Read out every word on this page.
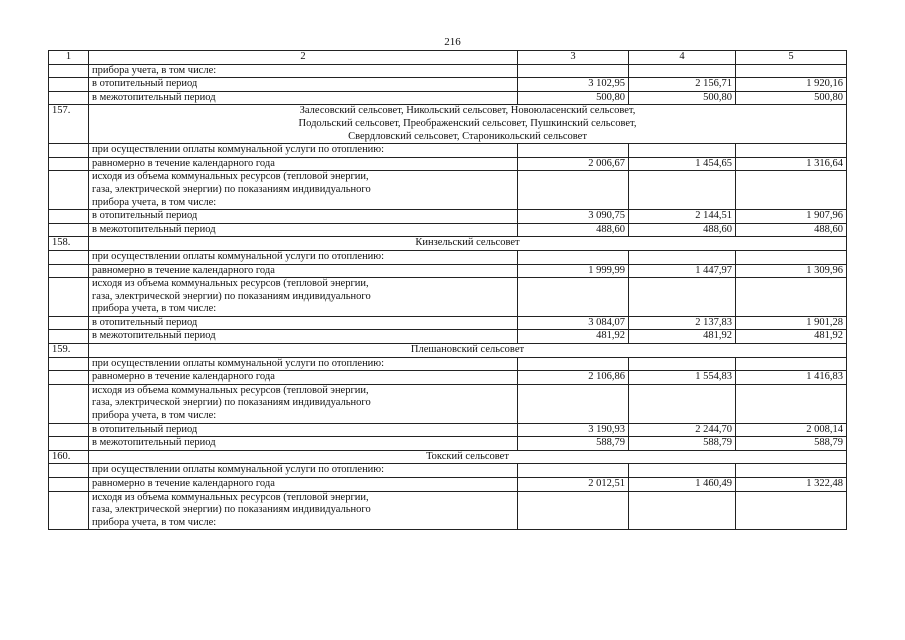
216
1	2	3	4	5

	прибора учета, в том числе:			

	в отопительный период	3 102,95	2 156,71	1 920,16

	в межотопительный период	500,80	500,80	500,80
157.	Залесовский сельсовет, Никольский сельсовет, Новоюласенский сельсовет,
Подольский сельсовет, Преображенский сельсовет, Пушкинский сельсовет,
Свердловский сельсовет, Староникольский сельсовет			

	при осуществлении оплаты коммунальной услуги по отоплению:			

	равномерно в течение календарного года	2 006,67	1 454,65	1 316,64

	исходя из объема коммунальных ресурсов (тепловой энергии,
газа, электрической энергии) по показаниям индивидуального
прибора учета, в том числе:			

	в отопительный период	3 090,75	2 144,51	1 907,96

	в межотопительный период	488,60	488,60	488,60
158.	Кинзельский сельсовет			

	при осуществлении оплаты коммунальной услуги по отоплению:			

	равномерно в течение календарного года	1 999,99	1 447,97	1 309,96

	исходя из объема коммунальных ресурсов (тепловой энергии,
газа, электрической энергии) по показаниям индивидуального
прибора учета, в том числе:			

	в отопительный период	3 084,07	2 137,83	1 901,28

	в межотопительный период	481,92	481,92	481,92
159.	Плешановский сельсовет			

	при осуществлении оплаты коммунальной услуги по отоплению:			

	равномерно в течение календарного года	2 106,86	1 554,83	1 416,83

	исходя из объема коммунальных ресурсов (тепловой энергии,
газа, электрической энергии) по показаниям индивидуального
прибора учета, в том числе:			

	в отопительный период	3 190,93	2 244,70	2 008,14

	в межотопительный период	588,79	588,79	588,79
160.	Токский сельсовет			

	при осуществлении оплаты коммунальной услуги по отоплению:			

	равномерно в течение календарного года	2 012,51	1 460,49	1 322,48

	исходя из объема коммунальных ресурсов (тепловой энергии,
газа, электрической энергии) по показаниям индивидуального
прибора учета, в том числе:			
